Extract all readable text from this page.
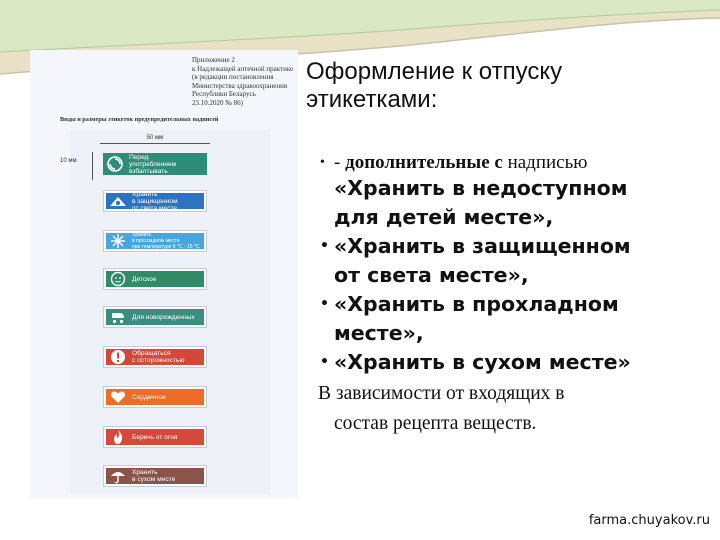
Оформление к отпуску
этикетками:
Приложение 2
к Надлежащей аптечной практике
(в редакции постановления
Министерства здравоохранения
Республики Беларусь
23.10.2020 № 86)
Виды и размеры этикеток предупредительных надписей
50 мм
10 мм
Перед
употреблением
взбалтывать
Хранить
в защищенном
от света месте
Хранить
в прохладном месте
при температуре 8 °С - 15 °С
Детское
Для новорожденных
Обращаться
с осторожностью
Сердечное
Беречь от огня
Хранить
в сухом месте
• - дополнительные с надписью
«Хранить в недоступном
для детей месте»,
• «Хранить в защищенном
от света месте»,
• «Хранить в прохладном
месте»,
• «Хранить в сухом месте»
В зависимости от входящих в
состав рецепта веществ.
farma.chuyakov.ru
